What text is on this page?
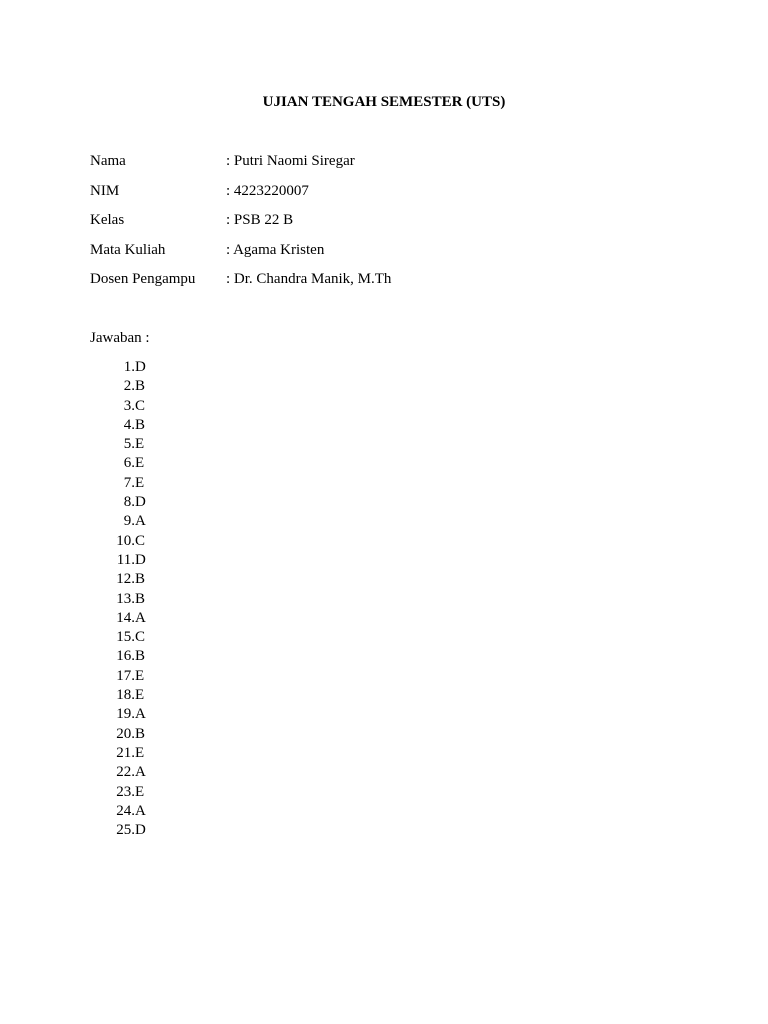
UJIAN TENGAH SEMESTER (UTS)
Nama	: Putri Naomi Siregar
NIM	: 4223220007
Kelas	: PSB 22 B
Mata Kuliah	: Agama Kristen
Dosen Pengampu	: Dr. Chandra Manik, M.Th
Jawaban :
1. D
2. B
3. C
4. B
5. E
6. E
7. E
8. D
9. A
10. C
11. D
12. B
13. B
14. A
15. C
16. B
17. E
18. E
19. A
20. B
21. E
22. A
23. E
24. A
25. D
